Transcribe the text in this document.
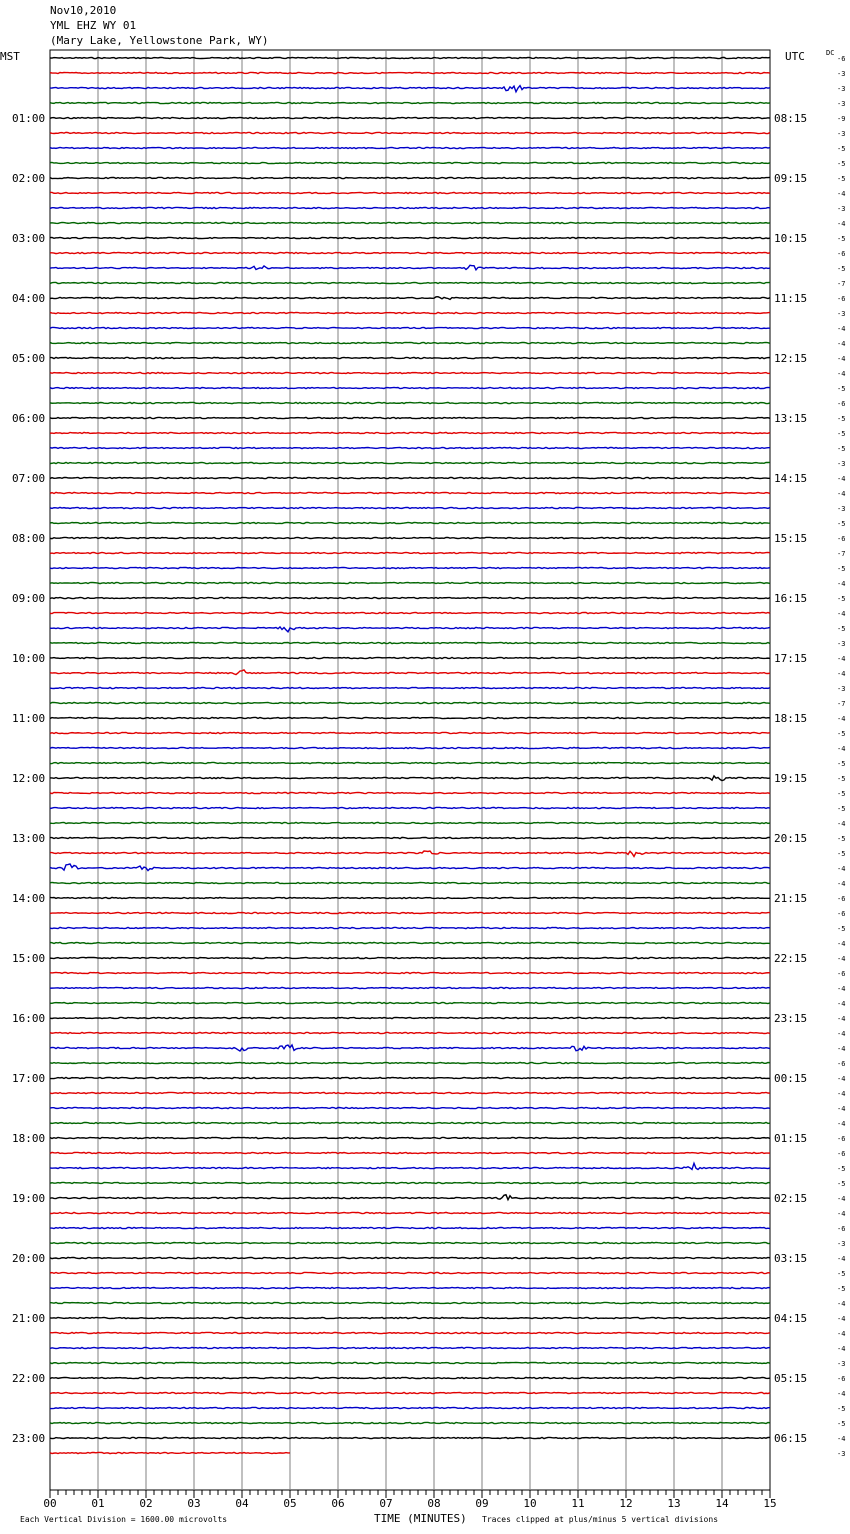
Nov10,2010
YML EHZ WY 01
(Mary Lake, Yellowstone Park, WY)
MST	UTC	DC
01:00
02:00
03:00
04:00
05:00
06:00
07:00
08:00
09:00
10:00
11:00
12:00
13:00
14:00
15:00
16:00
17:00
18:00
19:00
20:00
21:00
22:00
23:00
08:15
09:15
10:15
11:15
12:15
13:15
14:15
15:15
16:15
17:15
18:15
19:15
20:15
21:15
22:15
23:15
00:15
01:15
02:15
03:15
04:15
05:15
06:15
-6
-3
-3
-3
-9
-3
-5
-5
-5
-4
-3
-4
-5
-6
-5
-7
-6
-3
-4
-4
-4
-4
-5
-6
-5
-5
-5
-3
-4
-4
-3
-5
-6
-7
-5
-4
-5
-4
-5
-3
-4
-4
-3
-7
-4
-5
-4
-5
-5
-5
-5
-4
-5
-5
-4
-4
-6
-6
-5
-4
-4
-6
-4
-4
-4
-4
-4
-6
-4
-4
-4
-4
-6
-6
-5
-5
-4
-4
-6
-3
-4
-5
-5
-4
-4
-4
-4
-3
-6
-4
-5
-5
-4
-3
00	01	02	03	04	05	06	07	08	09	10	11	12	13	14	15
Each Vertical Division = 1600.00 microvolts	TIME (MINUTES) Traces clipped at plus/minus 5 vertical divisions
